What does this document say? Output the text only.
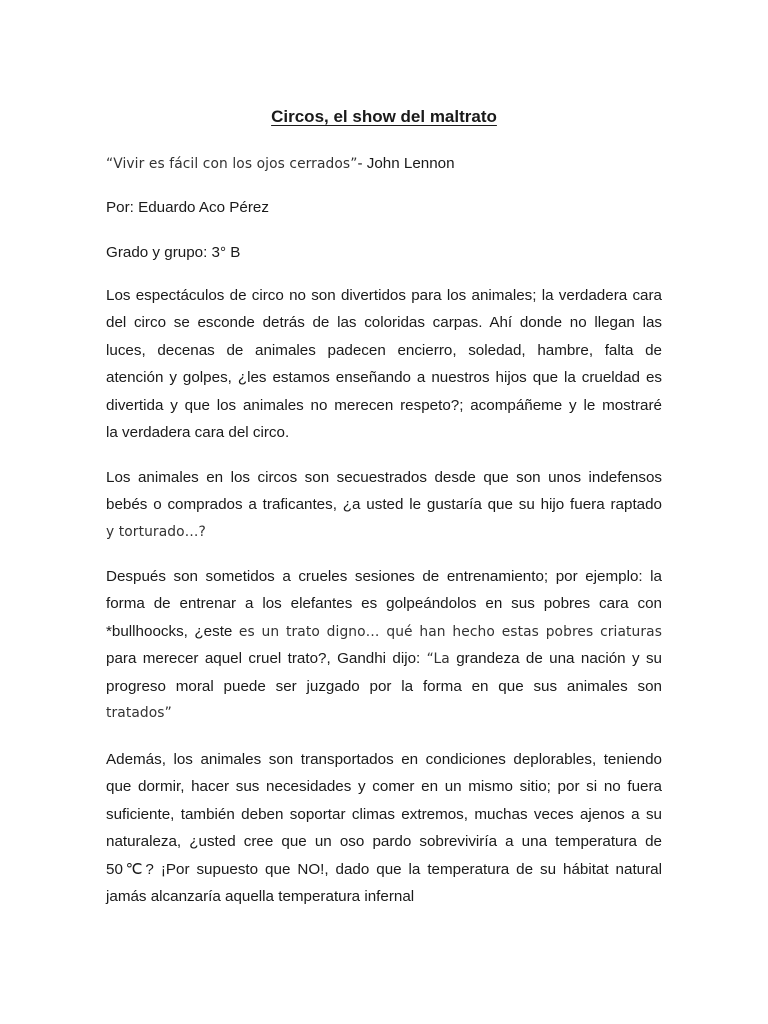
Circos, el show del maltrato
“Vivir es fácil con los ojos cerrados”- John Lennon
Por: Eduardo Aco Pérez
Grado y grupo: 3° B
Los espectáculos de circo no son divertidos para los animales; la verdadera cara
del circo se esconde detrás de las coloridas carpas. Ahí donde no llegan las
luces, decenas de animales padecen encierro, soledad, hambre, falta de
atención y golpes, ¿les estamos enseñando a nuestros hijos que la crueldad es
divertida y que los animales no merecen respeto?; acompáñeme y le mostraré
la verdadera cara del circo.
Los animales en los circos son secuestrados desde que son unos indefensos
bebés o comprados a traficantes, ¿a usted le gustaría que su hijo fuera raptado
y torturado…?
Después son sometidos a crueles sesiones de entrenamiento; por ejemplo: la
forma de entrenar a los elefantes es golpeándolos en sus pobres cara con
*bullhoocks, ¿este es un trato digno… qué han hecho estas pobres criaturas
para merecer aquel cruel trato?, Gandhi dijo: “La grandeza de una nación y su
progreso moral puede ser juzgado por la forma en que sus animales son
tratados”
Además, los animales son transportados en condiciones deplorables, teniendo
que dormir, hacer sus necesidades y comer en un mismo sitio; por si no fuera
suficiente, también deben soportar climas extremos, muchas veces ajenos a su
naturaleza, ¿usted cree que un oso pardo sobreviviría a una temperatura de
50℃? ¡Por supuesto que NO!, dado que la temperatura de su hábitat natural
jamás alcanzaría aquella temperatura infernal
